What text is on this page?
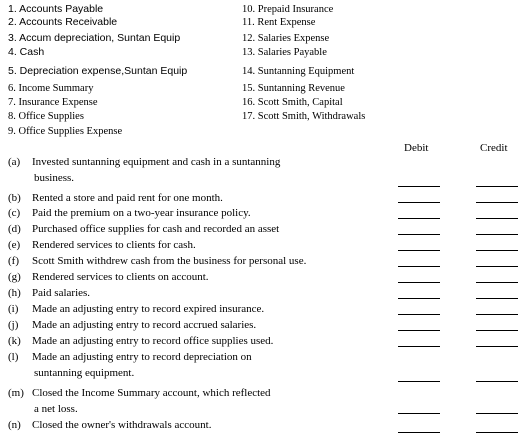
1. Accounts Payable
2. Accounts Receivable
3. Accum depreciation, Suntan Equip
4. Cash
5. Depreciation expense,Suntan Equip
6. Income Summary
7. Insurance Expense
8. Office Supplies
9. Office Supplies Expense
10. Prepaid Insurance
11. Rent Expense
12. Salaries Expense
13. Salaries Payable
14. Suntanning Equipment
15. Suntanning Revenue
16. Scott Smith, Capital
17. Scott Smith, Withdrawals
Debit	Credit
(a) Invested suntanning equipment and cash in a suntanning
business.
(b) Rented a store and paid rent for one month.
(c) Paid the premium on a two-year insurance policy.
(d) Purchased office supplies for cash and recorded an asset
(e) Rendered services to clients for cash.
(f) Scott Smith withdrew cash from the business for personal use.
(g) Rendered services to clients on account.
(h) Paid salaries.
(i) Made an adjusting entry to record expired insurance.
(j) Made an adjusting entry to record accrued salaries.
(k) Made an adjusting entry to record office supplies used.
(l) Made an adjusting entry to record depreciation on
suntanning equipment.
(m) Closed the Income Summary account, which reflected
a net loss.
(n) Closed the owner's withdrawals account.
